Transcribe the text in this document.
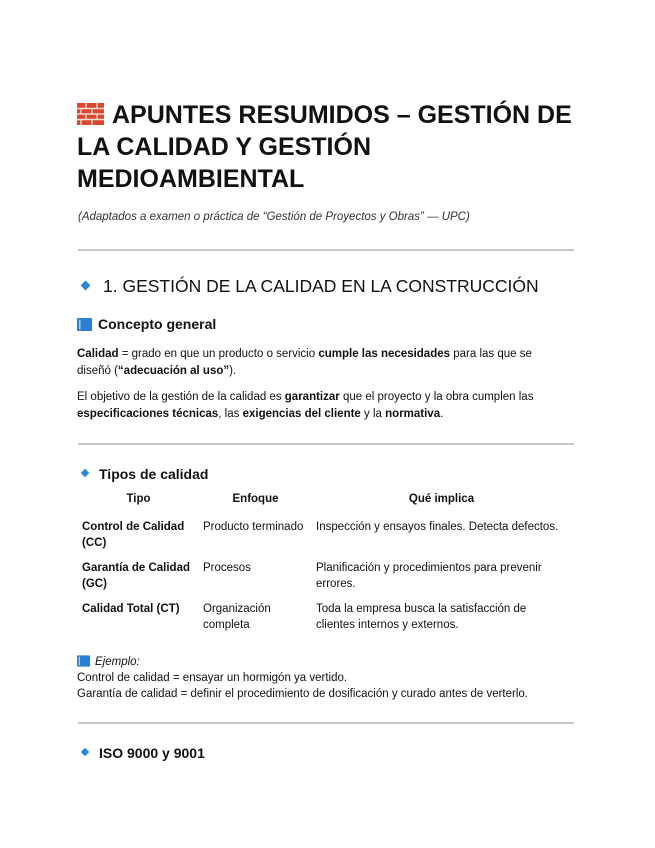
APUNTES RESUMIDOS – GESTIÓN DE LA CALIDAD Y GESTIÓN MEDIOAMBIENTAL
(Adaptados a examen o práctica de “Gestión de Proyectos y Obras” — UPC)
1. GESTIÓN DE LA CALIDAD EN LA CONSTRUCCIÓN
Concepto general
Calidad = grado en que un producto o servicio cumple las necesidades para las que se diseñó (“adecuación al uso”).
El objetivo de la gestión de la calidad es garantizar que el proyecto y la obra cumplen las especificaciones técnicas, las exigencias del cliente y la normativa.
Tipos de calidad
Tipo	Enfoque	Qué implica
Control de Calidad (CC)	Producto terminado	Inspección y ensayos finales. Detecta defectos.
Garantía de Calidad (GC)	Procesos	Planificación y procedimientos para prevenir errores.
Calidad Total (CT)	Organización completa	Toda la empresa busca la satisfacción de clientes internos y externos.
Ejemplo:
Control de calidad = ensayar un hormigón ya vertido.
Garantía de calidad = definir el procedimiento de dosificación y curado antes de verterlo.
ISO 9000 y 9001
